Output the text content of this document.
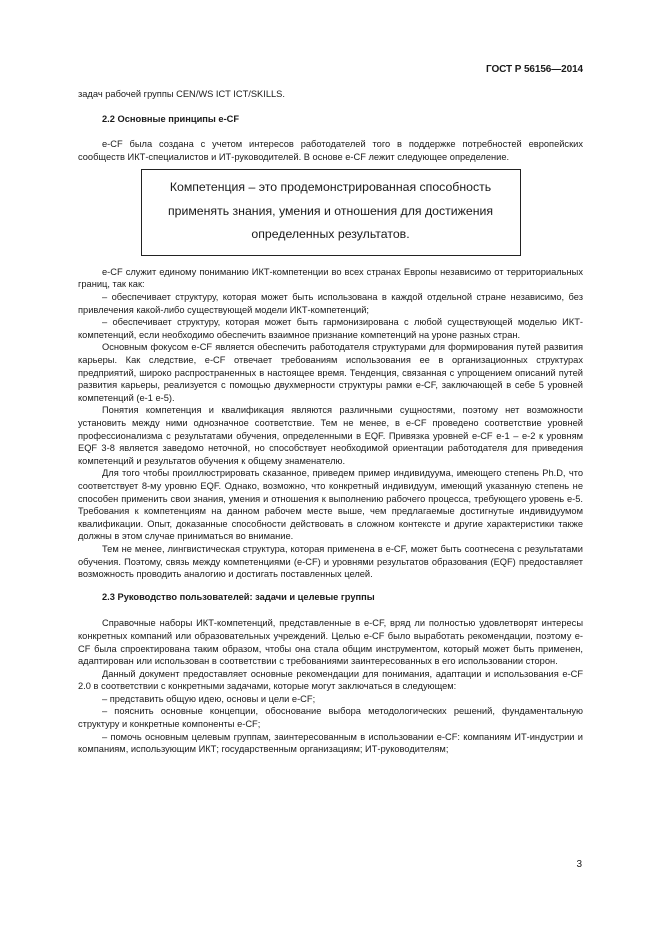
ГОСТ Р 56156—2014

задач рабочей группы CEN/WS ICT ICT/SKILLS.

2.2 Основные принципы e-CF

e-CF была создана с учетом интересов работодателей того в поддержке потребностей европейских сообществ ИКТ-специалистов и ИТ-руководителей. В основе e-CF лежит следующее определение.

Компетенция – это продемонстрированная способность
применять знания, умения и отношения для достижения
определенных результатов.

e-CF служит единому пониманию ИКТ-компетенции во всех странах Европы независимо от территориальных границ, так как:

– обеспечивает структуру, которая может быть использована в каждой отдельной стране независимо, без привлечения какой-либо существующей модели ИКТ-компетенций;

– обеспечивает структуру, которая может быть гармонизирована с любой существующей моделью ИКТ-компетенций, если необходимо обеспечить взаимное признание компетенций на уроне разных стран.

Основным фокусом e-CF является обеспечить работодателя структурами для формирования путей развития карьеры. Как следствие, e-CF отвечает требованиям использования ее в организационных структурах предприятий, широко распространенных в настоящее время. Тенденция, связанная с упрощением описаний путей развития карьеры, реализуется с помощью двухмерности структуры рамки e-CF, заключающей в себе 5 уровней компетенций (e-1 e-5).

Понятия компетенция и квалификация являются различными сущностями, поэтому нет возможности установить между ними однозначное соответствие. Тем не менее, в e-CF проведено соответствие уровней профессионализма с результатами обучения, определенными в EQF. Привязка уровней e-CF e-1 – e-2 к уровням EQF 3-8 является заведомо неточной, но способствует необходимой ориентации работодателя для приведения компетенций и результатов обучения к общему знаменателю.

Для того чтобы проиллюстрировать сказанное, приведем пример индивидуума, имеющего степень Ph.D, что соответствует 8-му уровню EQF. Однако, возможно, что конкретный индивидуум, имеющий указанную степень не способен применить свои знания, умения и отношения к выполнению рабочего процесса, требующего уровень e-5. Требования к компетенциям на данном рабочем месте выше, чем предлагаемые достигнутые индивидуумом квалификации. Опыт, доказанные способности действовать в сложном контексте и другие характеристики также должны в этом случае приниматься во внимание.

Тем не менее, лингвистическая структура, которая применена в e-CF, может быть соотнесена с результатами обучения. Поэтому, связь между компетенциями (e-CF) и уровнями результатов образования (EQF) предоставляет возможность проводить аналогию и достигать поставленных целей.

2.3 Руководство пользователей: задачи и целевые группы

Справочные наборы ИКТ-компетенций, представленные в e-CF, вряд ли полностью удовлетворят интересы конкретных компаний или образовательных учреждений. Целью e-CF было выработать рекомендации, поэтому e-CF была спроектирована таким образом, чтобы она стала общим инструментом, который может быть применен, адаптирован или использован в соответствии с требованиями заинтересованных в его использовании сторон.

Данный документ предоставляет основные рекомендации для понимания, адаптации и использования e-CF 2.0 в соответствии с конкретными задачами, которые могут заключаться в следующем:

– представить общую идею, основы и цели e-CF;

– пояснить основные концепции, обоснование выбора методологических решений, фундаментальную структуру и конкретные компоненты e-CF;

– помочь основным целевым группам, заинтересованным в использовании e-CF: компаниям ИТ-индустрии и компаниям, использующим ИКТ; государственным организациям; ИТ-руководителям;

3
